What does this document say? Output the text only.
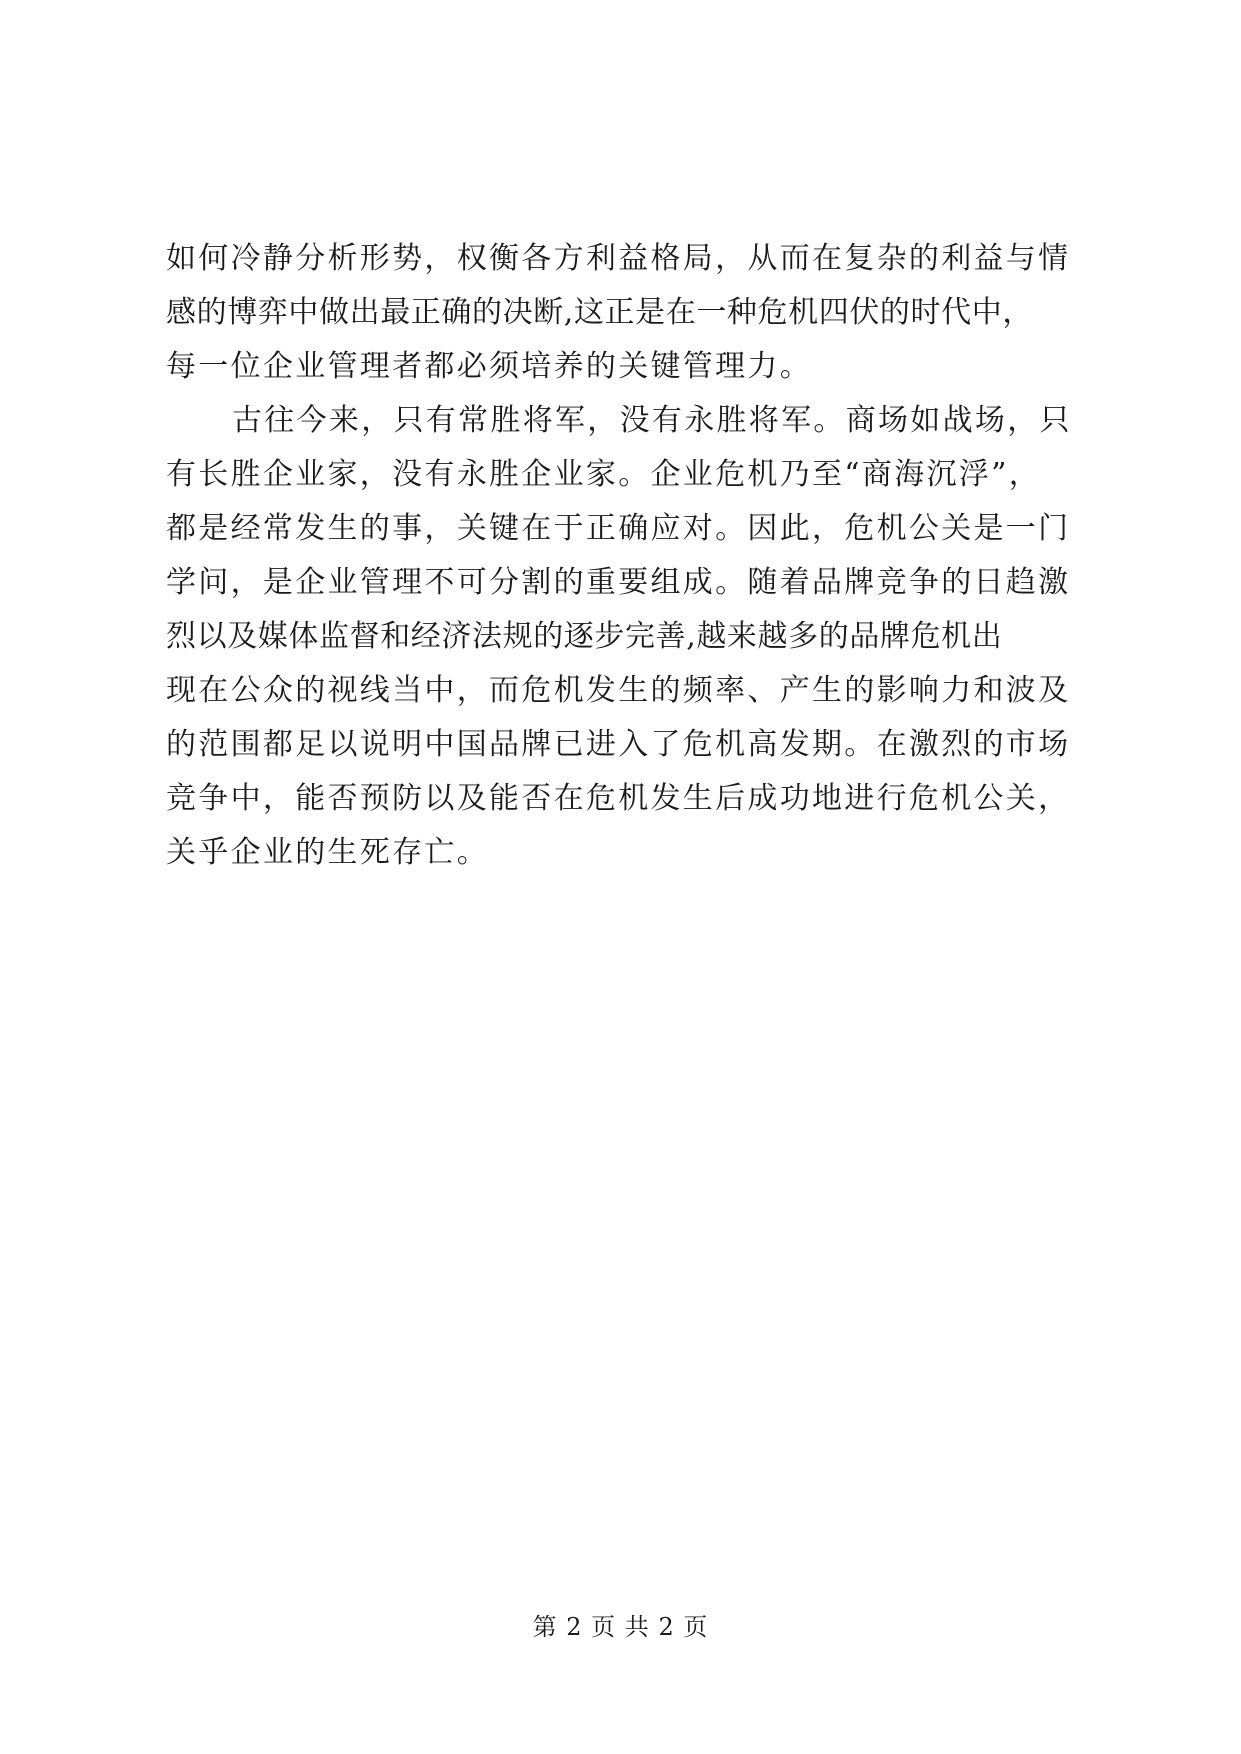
如何冷静分析形势，权衡各方利益格局，从而在复杂的利益与情
感的博弈中做出最正确的决断,这正是在一种危机四伏的时代中，
每一位企业管理者都必须培养的关键管理力。
古往今来，只有常胜将军，没有永胜将军。商场如战场，只
有长胜企业家，没有永胜企业家。企业危机乃至“商海沉浮”，
都是经常发生的事，关键在于正确应对。因此，危机公关是一门
学问，是企业管理不可分割的重要组成。随着品牌竞争的日趋激
烈以及媒体监督和经济法规的逐步完善,越来越多的品牌危机出
现在公众的视线当中，而危机发生的频率、产生的影响力和波及
的范围都足以说明中国品牌已进入了危机高发期。在激烈的市场
竞争中，能否预防以及能否在危机发生后成功地进行危机公关，
关乎企业的生死存亡。
第 2 页 共 2 页
